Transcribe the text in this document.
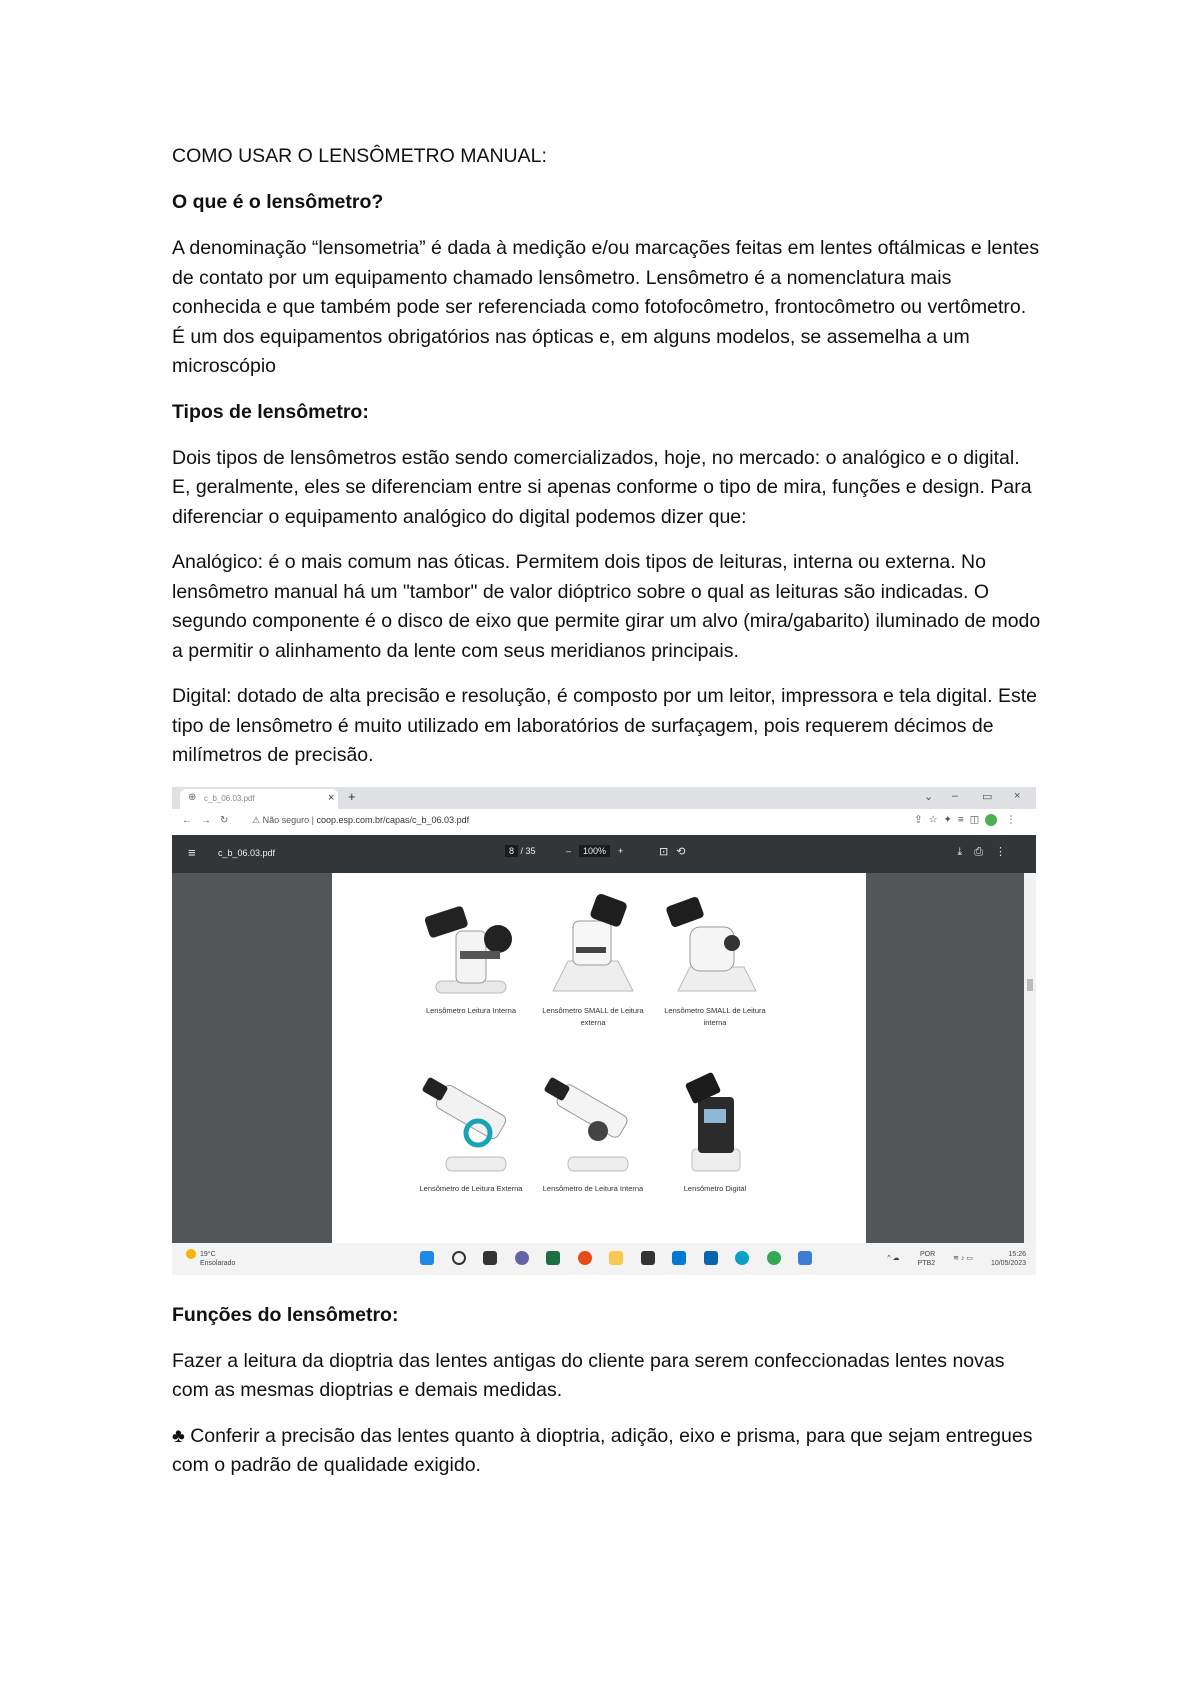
COMO USAR O LENSÔMETRO MANUAL:
O que é o lensômetro?

A denominação “lensometria” é dada à medição e/ou marcações feitas em lentes oftálmicas e lentes de contato por um equipamento chamado lensômetro. Lensômetro é a nomenclatura mais conhecida e que também pode ser referenciada como fotofocômetro, frontocômetro ou vertômetro. É um dos equipamentos obrigatórios nas ópticas e, em alguns modelos, se assemelha a um microscópio

Tipos de lensômetro:

Dois tipos de lensômetros estão sendo comercializados, hoje, no mercado: o analógico e o digital. E, geralmente, eles se diferenciam entre si apenas conforme o tipo de mira, funções e design. Para diferenciar o equipamento analógico do digital podemos dizer que:

Analógico: é o mais comum nas óticas. Permitem dois tipos de leituras, interna ou externa. No lensômetro manual há um "tambor" de valor dióptrico sobre o qual as leituras são indicadas. O segundo componente é o disco de eixo que permite girar um alvo (mira/gabarito) iluminado de modo a permitir o alinhamento da lente com seus meridianos principais.

Digital: dotado de alta precisão e resolução, é composto por um leitor, impressora e tela digital. Este tipo de lensômetro é muito utilizado em laboratórios de surfaçagem, pois requerem décimos de milímetros de precisão.

⊕ c_b_06.03.pdf	× +	⌄ – ▭ ×
←→↻ ⚠ Não seguro | coop.esp.com.br/capas/c_b_06.03.pdf	⇪☆✦≡◫ ⋮
≡ c_b_06.03.pdf	8 / 35	– 100% +	⊡⟲	⤓⎙⋮
Lensômetro Leitura Interna	Lensômetro SMALL de Leitura externa
Lensômetro SMALL de Leitura interna
Lensômetro de Leitura Externa	Lensômetro de Leitura Interna	Lensômetro Digital
19°C
Ensolarado

^ ☁ POR
PTB2 ≋ ♪ ▭ 15:26
10/05/2023
Funções do lensômetro:

Fazer a leitura da dioptria das lentes antigas do cliente para serem confeccionadas lentes novas com as mesmas dioptrias e demais medidas.

♣ Conferir a precisão das lentes quanto à dioptria, adição, eixo e prisma, para que sejam entregues com o padrão de qualidade exigido.
